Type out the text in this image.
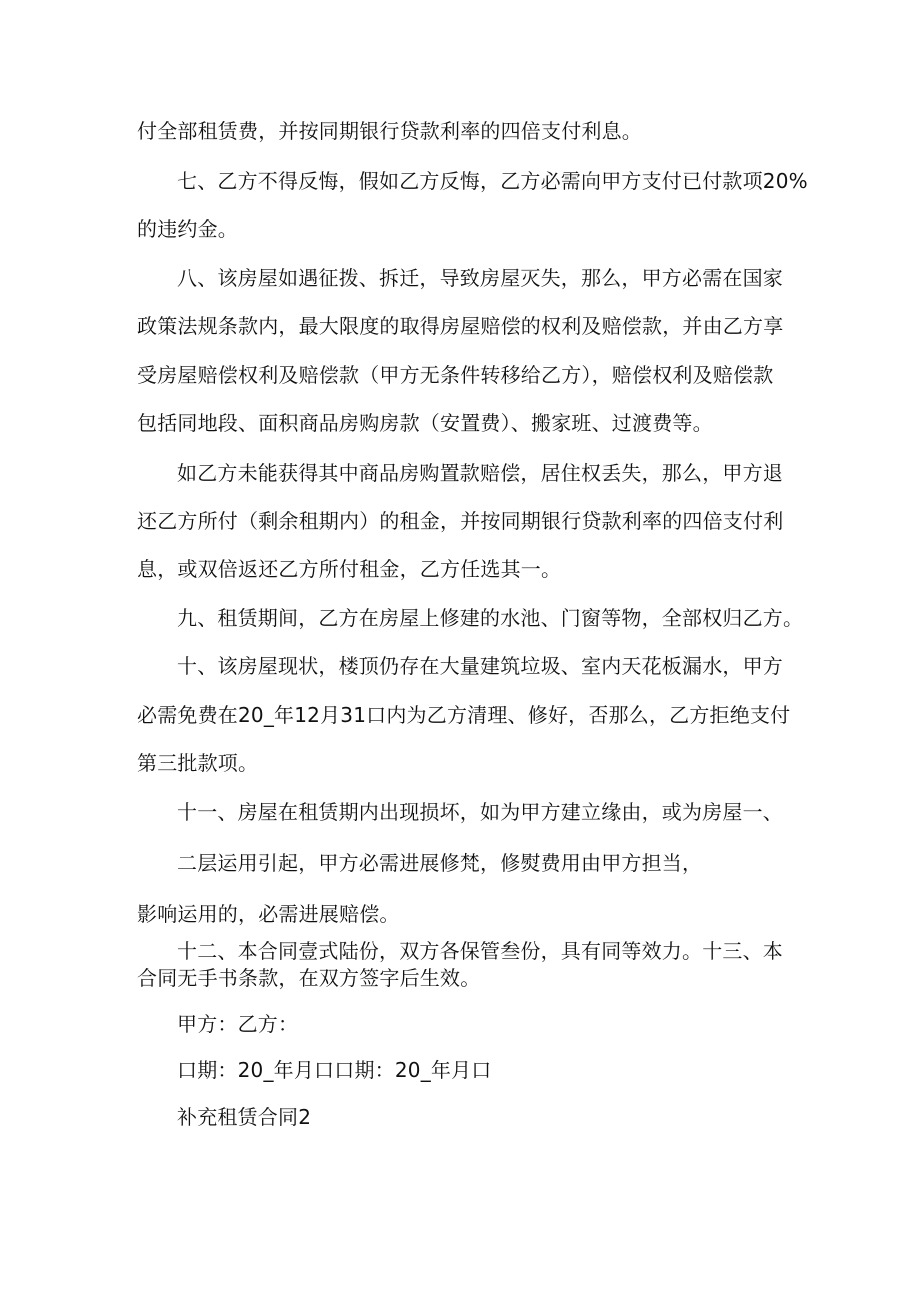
付全部租赁费，并按同期银行贷款利率的四倍支付利息。
七、乙方不得反悔，假如乙方反悔，乙方必需向甲方支付已付款项20%
的违约金。
八、该房屋如遇征拨、拆迁，导致房屋灭失，那么，甲方必需在国家
政策法规条款内，最大限度的取得房屋赔偿的权利及赔偿款，并由乙方享
受房屋赔偿权利及赔偿款（甲方无条件转移给乙方），赔偿权利及赔偿款
包括同地段、面积商品房购房款（安置费）、搬家班、过渡费等。
如乙方未能获得其中商品房购置款赔偿，居住权丢失，那么，甲方退
还乙方所付（剩余租期内）的租金，并按同期银行贷款利率的四倍支付利
息，或双倍返还乙方所付租金，乙方任选其一。
九、租赁期间，乙方在房屋上修建的水池、门窗等物，全部权归乙方。
十、该房屋现状，楼顶仍存在大量建筑垃圾、室内天花板漏水，甲方
必需免费在20_年12月31口内为乙方清理、修好，否那么，乙方拒绝支付
第三批款项。
十一、房屋在租赁期内出现损坏，如为甲方建立缘由，或为房屋一、
二层运用引起，甲方必需进展修梵，修熨费用由甲方担当，
影响运用的，必需进展赔偿。
十二、本合同壹式陆份，双方各保管叁份，具有同等效力。十三、本
合同无手书条款，在双方签字后生效。
甲方：乙方：
口期：20_年月口口期：20_年月口
补充租赁合同2
